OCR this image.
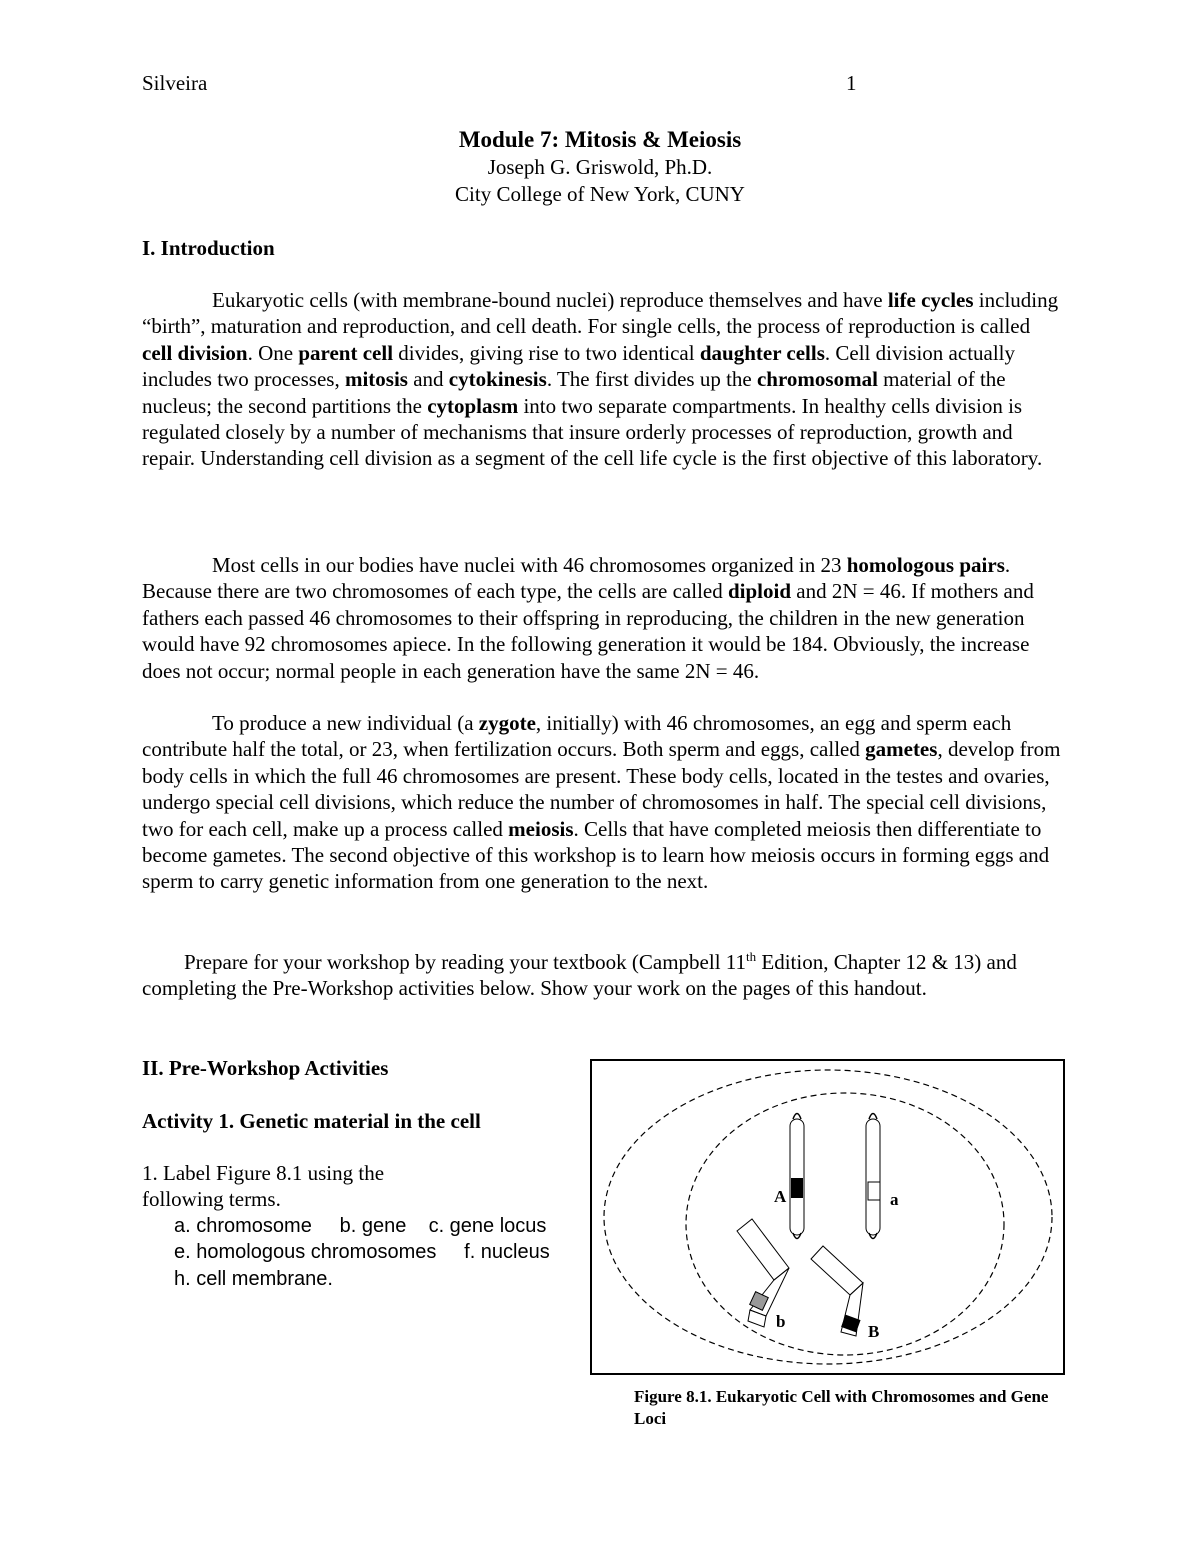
Silveira	1
Module 7: Mitosis & Meiosis
Joseph G. Griswold, Ph.D.
City College of New York, CUNY
I. Introduction
Eukaryotic cells (with membrane-bound nuclei) reproduce themselves and have life cycles including “birth”, maturation and reproduction, and cell death. For single cells, the process of reproduction is called cell division. One parent cell divides, giving rise to two identical daughter cells. Cell division actually includes two processes, mitosis and cytokinesis. The first divides up the chromosomal material of the nucleus; the second partitions the cytoplasm into two separate compartments. In healthy cells division is regulated closely by a number of mechanisms that insure orderly processes of reproduction, growth and repair. Understanding cell division as a segment of the cell life cycle is the first objective of this laboratory.
Most cells in our bodies have nuclei with 46 chromosomes organized in 23 homologous pairs. Because there are two chromosomes of each type, the cells are called diploid and 2N = 46. If mothers and fathers each passed 46 chromosomes to their offspring in reproducing, the children in the new generation would have 92 chromosomes apiece. In the following generation it would be 184. Obviously, the increase does not occur; normal people in each generation have the same 2N = 46.
To produce a new individual (a zygote, initially) with 46 chromosomes, an egg and sperm each contribute half the total, or 23, when fertilization occurs. Both sperm and eggs, called gametes, develop from body cells in which the full 46 chromosomes are present. These body cells, located in the testes and ovaries, undergo special cell divisions, which reduce the number of chromosomes in half. The special cell divisions, two for each cell, make up a process called meiosis. Cells that have completed meiosis then differentiate to become gametes. The second objective of this workshop is to learn how meiosis occurs in forming eggs and sperm to carry genetic information from one generation to the next.
Prepare for your workshop by reading your textbook (Campbell 11th Edition, Chapter 12 & 13) and completing the Pre-Workshop activities below. Show your work on the pages of this handout.
II. Pre-Workshop Activities
Activity 1. Genetic material in the cell
1. Label Figure 8.1 using the following terms.
a. chromosome     b. gene    c. gene locus
e. homologous chromosomes     f. nucleus
h. cell membrane.
A	a
b
B
Figure 8.1. Eukaryotic Cell with Chromosomes and Gene Loci
